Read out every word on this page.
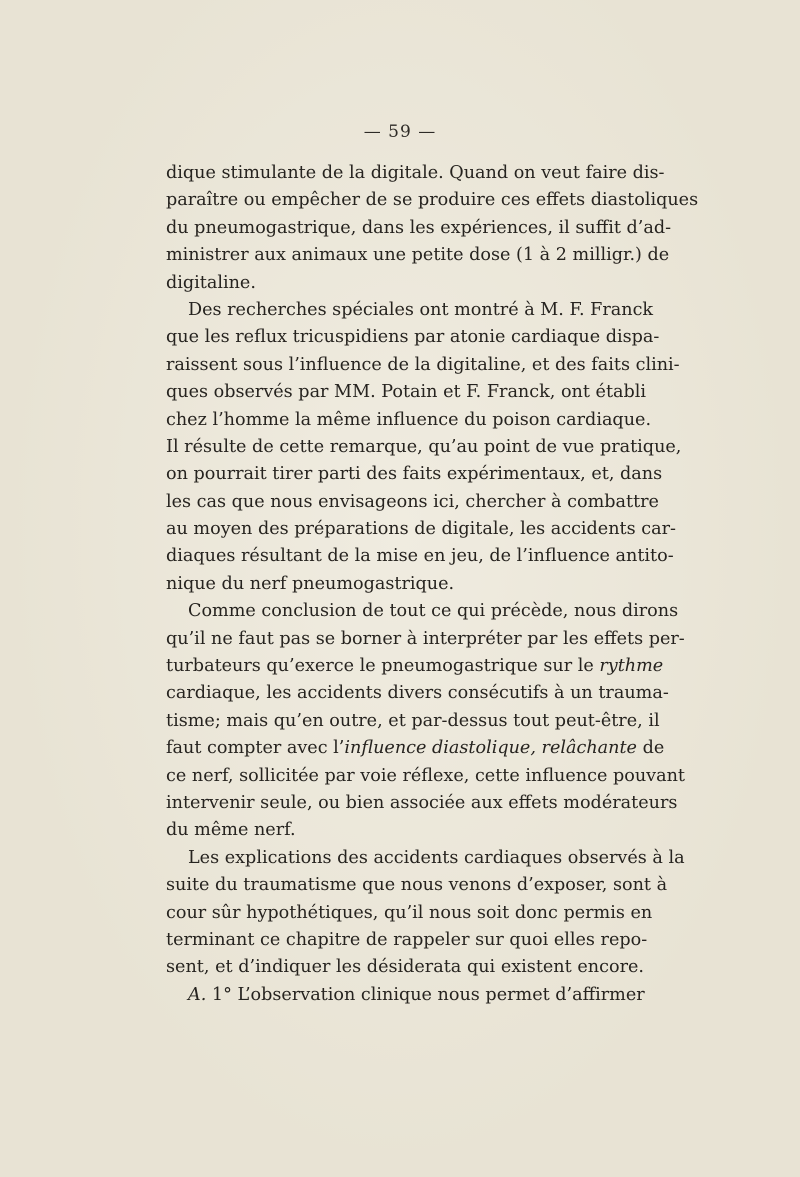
— 59 —
dique stimulante de la digitale. Quand on veut faire dis-
paraître ou empêcher de se produire ces effets diastoliques
du pneumogastrique, dans les expériences, il suffit d’ad-
ministrer aux animaux une petite dose (1 à 2 milligr.) de
digitaline.
Des recherches spéciales ont montré à M. F. Franck
que les reflux tricuspidiens par atonie cardiaque dispa-
raissent sous l’influence de la digitaline, et des faits clini-
ques observés par MM. Potain et F. Franck, ont établi
chez l’homme la même influence du poison cardiaque.
Il résulte de cette remarque, qu’au point de vue pratique,
on pourrait tirer parti des faits expérimentaux, et, dans
les cas que nous envisageons ici, chercher à combattre
au moyen des préparations de digitale, les accidents car-
diaques résultant de la mise en jeu, de l’influence antito-
nique du nerf pneumogastrique.
Comme conclusion de tout ce qui précède, nous dirons
qu’il ne faut pas se borner à interpréter par les effets per-
turbateurs qu’exerce le pneumogastrique sur le rythme
cardiaque, les accidents divers consécutifs à un trauma-
tisme; mais qu’en outre, et par-dessus tout peut-être, il
faut compter avec l’influence diastolique, relâchante de
ce nerf, sollicitée par voie réflexe, cette influence pouvant
intervenir seule, ou bien associée aux effets modérateurs
du même nerf.
Les explications des accidents cardiaques observés à la
suite du traumatisme que nous venons d’exposer, sont à
cour sûr hypothétiques, qu’il nous soit donc permis en
terminant ce chapitre de rappeler sur quoi elles repo-
sent, et d’indiquer les désiderata qui existent encore.
A. 1° L’observation clinique nous permet d’affirmer
